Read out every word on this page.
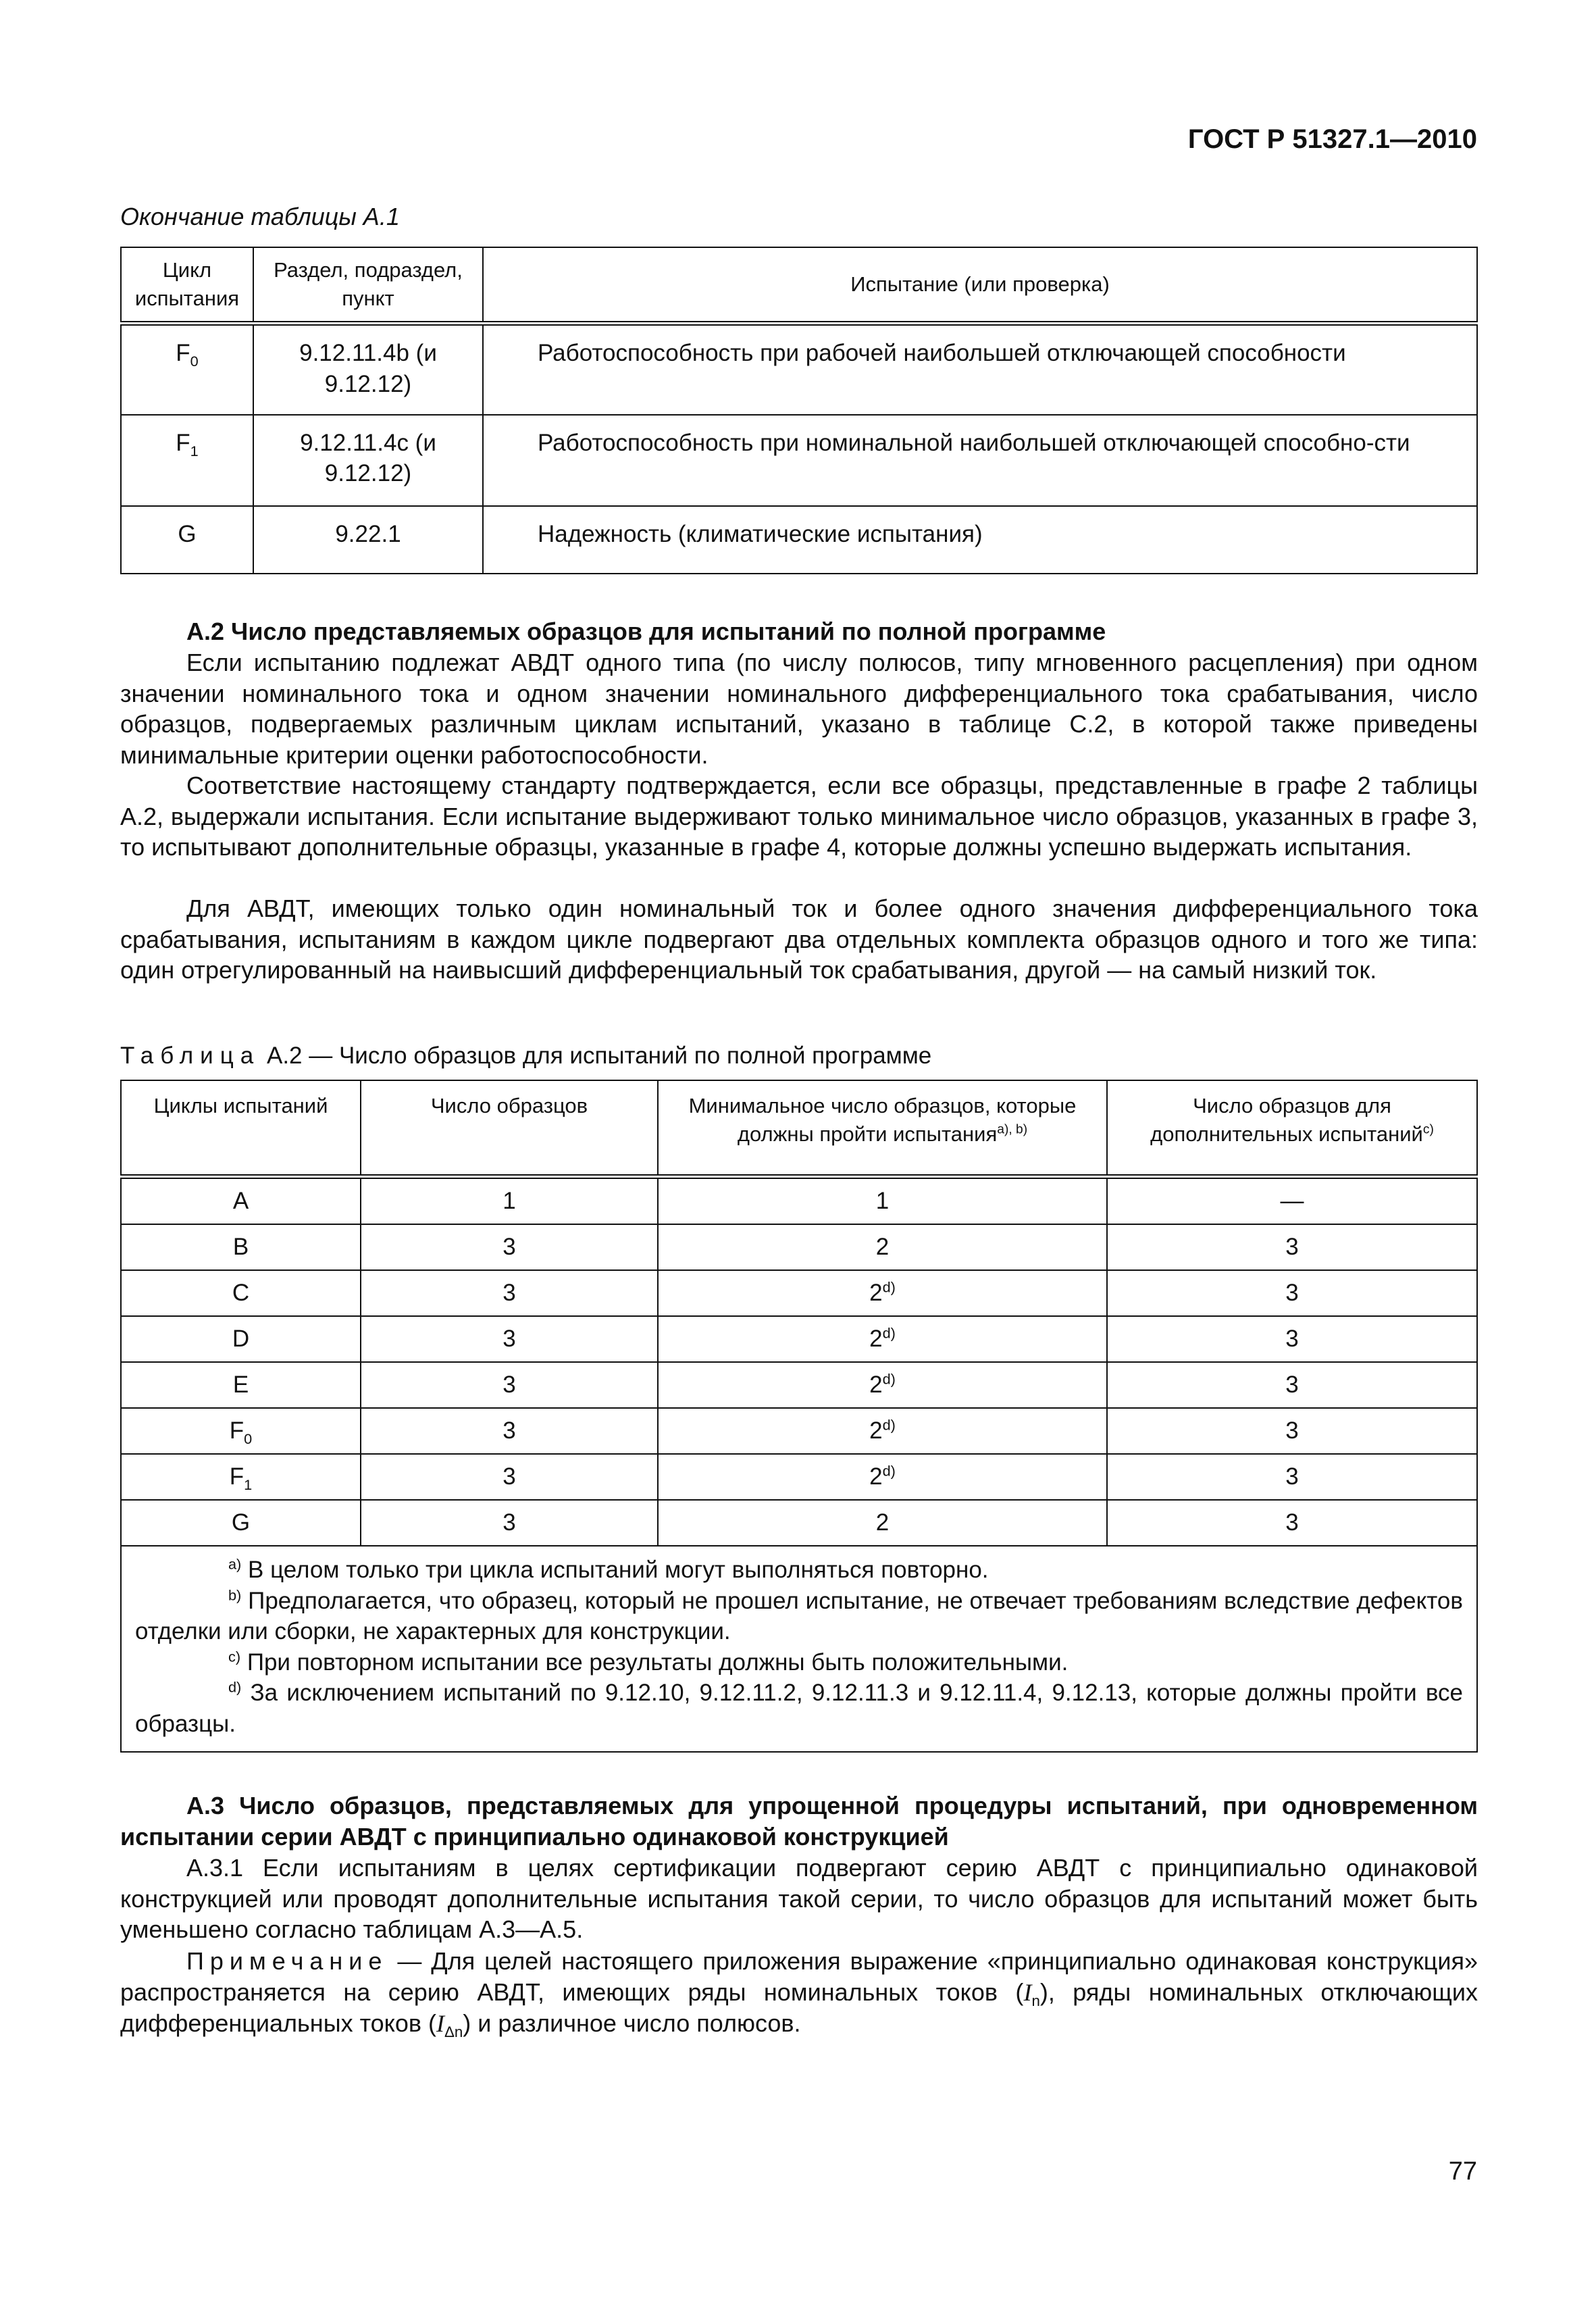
ГОСТ Р 51327.1—2010
Окончание таблицы А.1
Цикл испытания	Раздел, подраздел, пункт	Испытание (или проверка)
$F_0$	9.12.11.4b (и 9.12.12)	Работоспособность при рабочей наибольшей отключающей способности
$F_1$	9.12.11.4c (и 9.12.12)	Работоспособность при номинальной наибольшей отключающей способно-сти
G	9.22.1	Надежность (климатические испытания)
А.2 Число представляемых образцов для испытаний по полной программе

Если испытанию подлежат АВДТ одного типа (по числу полюсов, типу мгновенного расцепления) при одном значении номинального тока и одном значении номинального дифференциального тока срабатывания, число образцов, подвергаемых различным циклам испытаний, указано в таблице С.2, в которой также приведены минимальные критерии оценки работоспособности.

Соответствие настоящему стандарту подтверждается, если все образцы, представленные в графе 2 таблицы А.2, выдержали испытания. Если испытание выдерживают только минимальное число образцов, указанных в графе 3, то испытывают дополнительные образцы, указанные в графе 4, которые должны успешно выдержать испытания.

Для АВДТ, имеющих только один номинальный ток и более одного значения дифференциального тока срабатывания, испытаниям в каждом цикле подвергают два отдельных комплекта образцов одного и того же типа: один отрегулированный на наивысший дифференциальный ток срабатывания, другой — на самый низкий ток.

Таблица А.2 — Число образцов для испытаний по полной программе
Циклы испытаний	Число образцов	Минимальное число образцов, которые должны пройти испытания$^{a), b)}$	Число образцов для дополнительных испытаний$^{c)}$
A	1	1	—
B	3	2	3
C	3	2$^{d)}$	3
D	3	2$^{d)}$	3
E	3	2$^{d)}$	3
$F_0$	3	2$^{d)}$	3
$F_1$	3	2$^{d)}$	3
G	3	2	3

$^{a)}$ В целом только три цикла испытаний могут выполняться повторно.

$^{b)}$ Предполагается, что образец, который не прошел испытание, не отвечает требованиям вследствие дефектов отделки или сборки, не характерных для конструкции.

$^{c)}$ При повторном испытании все результаты должны быть положительными.

$^{d)}$ За исключением испытаний по 9.12.10, 9.12.11.2, 9.12.11.3 и 9.12.11.4, 9.12.13, которые должны пройти все образцы.			

А.3 Число образцов, представляемых для упрощенной процедуры испытаний, при одновременном испытании серии АВДТ с принципиально одинаковой конструкцией

А.3.1 Если испытаниям в целях сертификации подвергают серию АВДТ с принципиально одинаковой конструкцией или проводят дополнительные испытания такой серии, то число образцов для испытаний может быть уменьшено согласно таблицам А.3—А.5.

Примечание — Для целей настоящего приложения выражение «принципиально одинаковая конструкция» распространяется на серию АВДТ, имеющих ряды номинальных токов $(I_n)$, ряды номинальных отключающих дифференциальных токов $(I_{\Delta n})$ и различное число полюсов.

77
